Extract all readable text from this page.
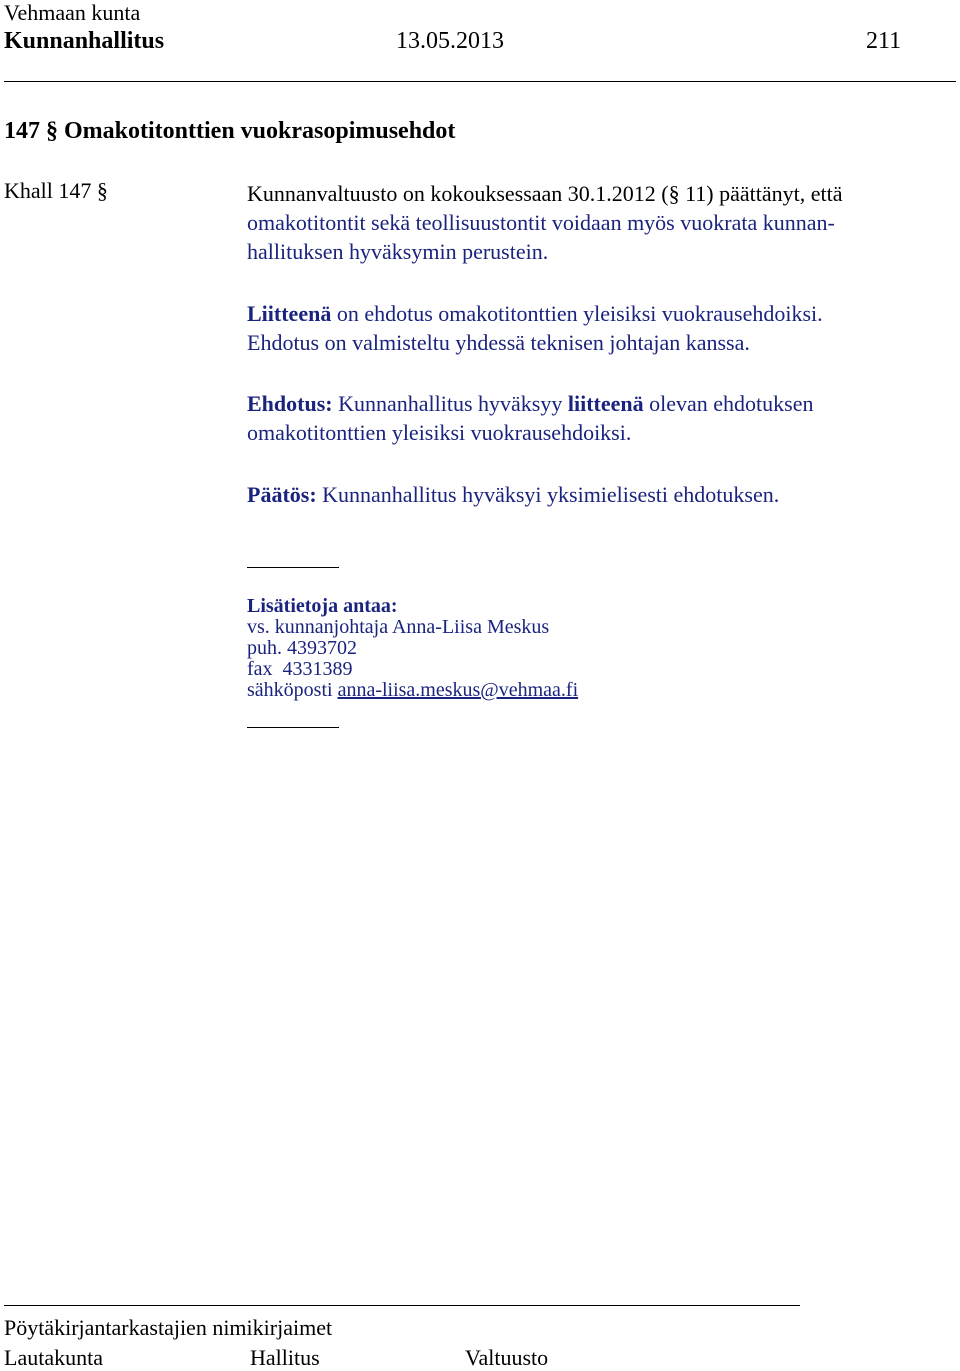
Vehmaan kunta
Kunnanhallitus	13.05.2013	211
147 § Omakotitonttien vuokrasopimusehdot
Khall 147 §	Kunnanvaltuusto on kokouksessaan 30.1.2012 (§ 11) päättänyt, että
omakotitontit sekä teollisuustontit voidaan myös vuokrata kunnan-
hallituksen hyväksymin perustein.
Liitteenä on ehdotus omakotitonttien yleisiksi vuokrausehdoiksi.
Ehdotus on valmisteltu yhdessä teknisen johtajan kanssa.
Ehdotus: Kunnanhallitus hyväksyy liitteenä olevan ehdotuksen
omakotitonttien yleisiksi vuokrausehdoiksi.
Päätös: Kunnanhallitus hyväksyi yksimielisesti ehdotuksen.
Lisätietoja antaa:
vs. kunnanjohtaja Anna-Liisa Meskus
puh. 4393702
fax  4331389
sähköposti anna-liisa.meskus@vehmaa.fi
Pöytäkirjantarkastajien nimikirjaimet
Lautakunta	Hallitus	Valtuusto
